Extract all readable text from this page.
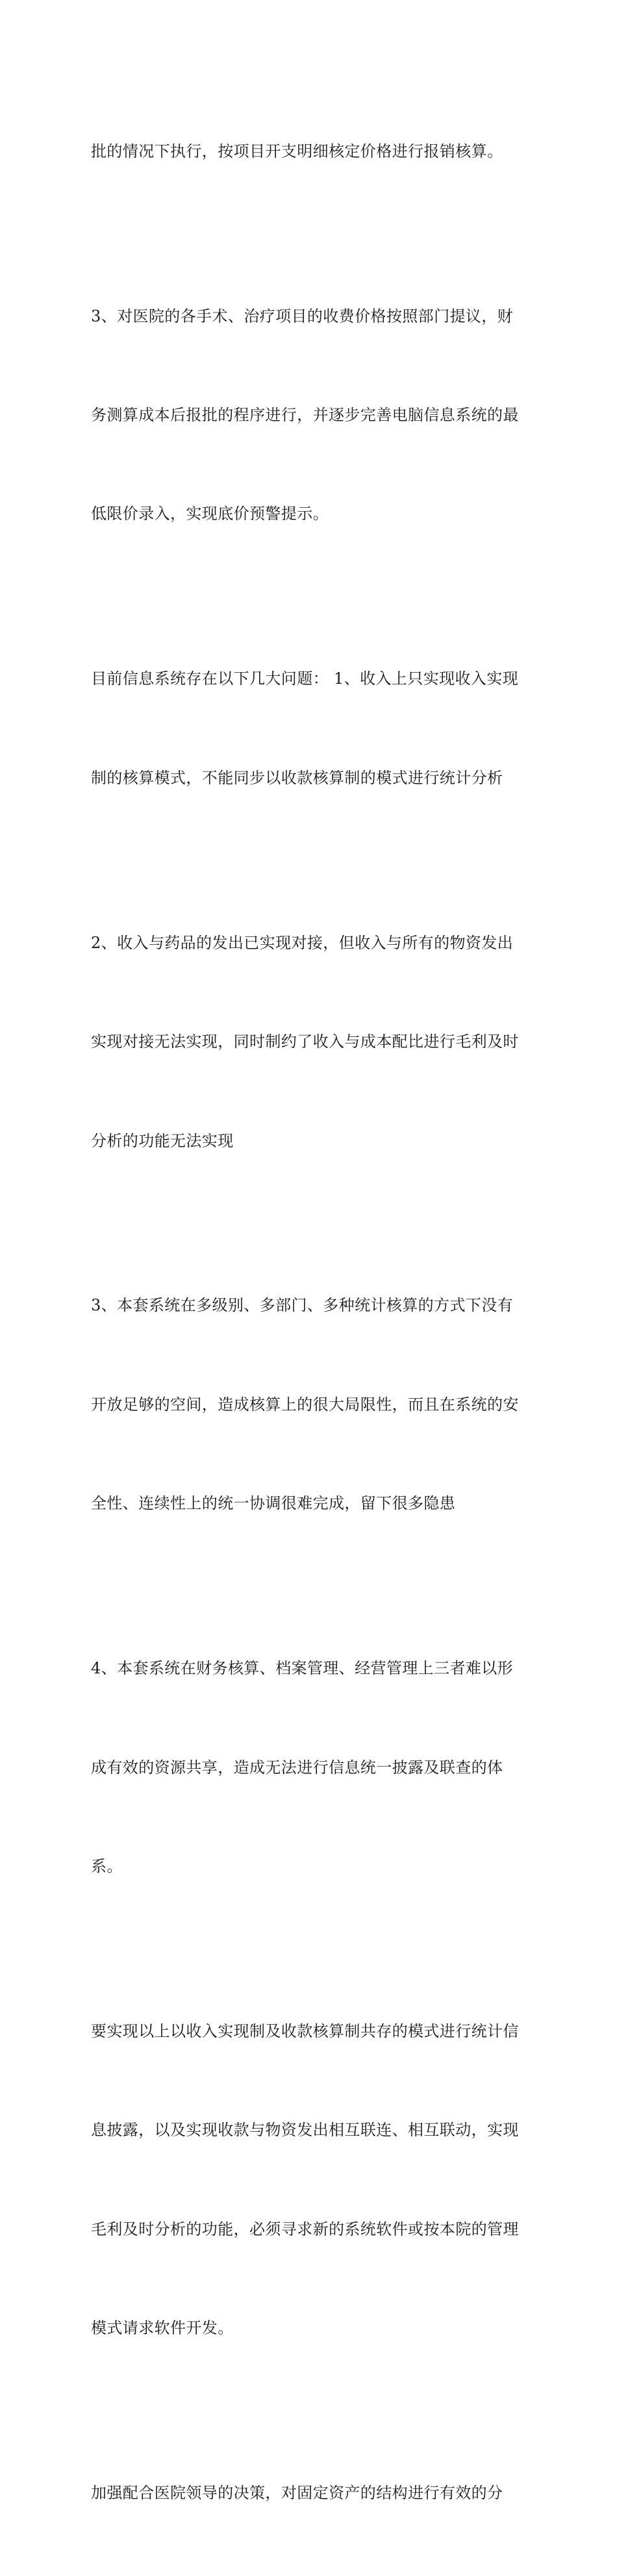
批的情况下执行，按项目开支明细核定价格进行报销核算。

3、对医院的各手术、治疗项目的收费价格按照部门提议，财

务测算成本后报批的程序进行，并逐步完善电脑信息系统的最

低限价录入，实现底价预警提示。

目前信息系统存在以下几大问题： 1、收入上只实现收入实现

制的核算模式，不能同步以收款核算制的模式进行统计分析

2、收入与药品的发出已实现对接，但收入与所有的物资发出

实现对接无法实现，同时制约了收入与成本配比进行毛利及时

分析的功能无法实现

3、本套系统在多级别、多部门、多种统计核算的方式下没有

开放足够的空间，造成核算上的很大局限性，而且在系统的安

全性、连续性上的统一协调很难完成，留下很多隐患

4、本套系统在财务核算、档案管理、经营管理上三者难以形

成有效的资源共享，造成无法进行信息统一披露及联查的体

系。

要实现以上以收入实现制及收款核算制共存的模式进行统计信

息披露，以及实现收款与物资发出相互联连、相互联动，实现

毛利及时分析的功能，必须寻求新的系统软件或按本院的管理

模式请求软件开发。

加强配合医院领导的决策，对固定资产的结构进行有效的分
